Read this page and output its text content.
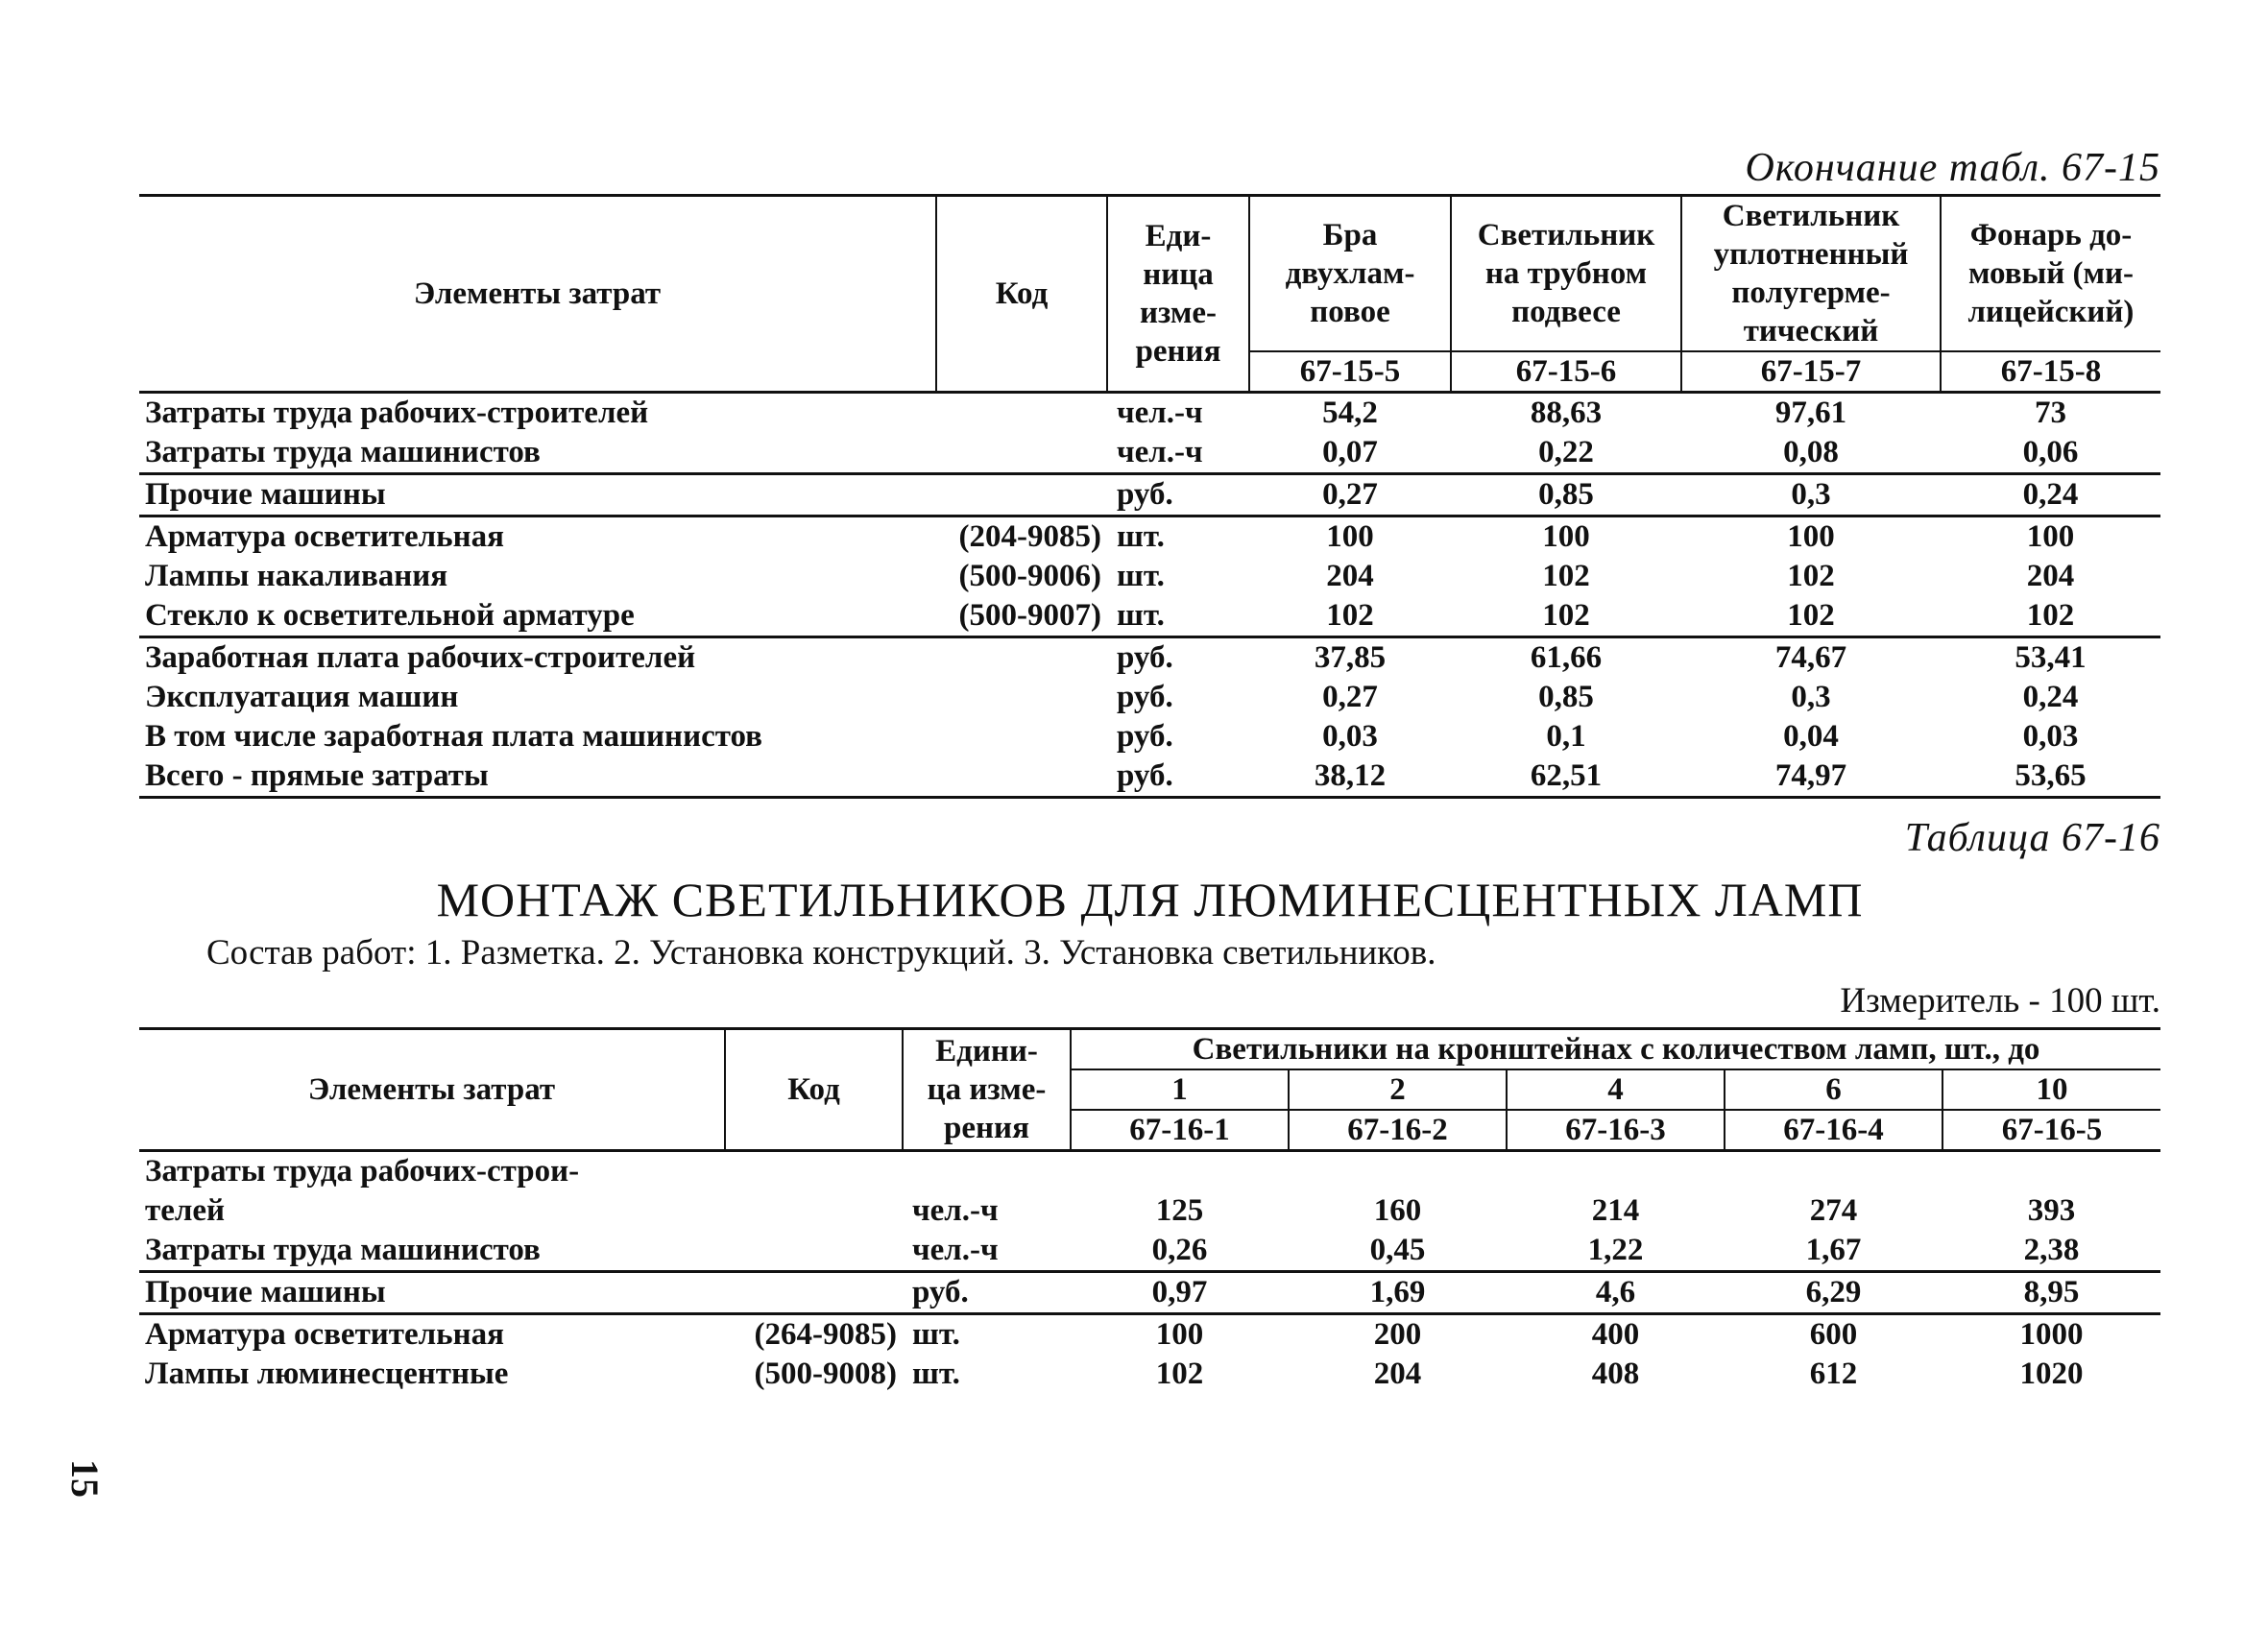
Окончание табл. 67-15
Элементы затрат	Код	Еди-
ница
изме-
рения	Бра
двухлам-
повое	Светильник
на трубном
подвесе	Светильник
уплотненный
полугерме-
тический	Фонарь до-
мовый (ми-
лицейский)
			67-15-5	67-15-6	67-15-7	67-15-8
Затраты труда рабочих-строителей		чел.-ч	54,2	88,63	97,61	73
Затраты труда машинистов		чел.-ч	0,07	0,22	0,08	0,06
Прочие машины		руб.	0,27	0,85	0,3	0,24
Арматура осветительная	(204-9085)	шт.	100	100	100	100
Лампы накаливания	(500-9006)	шт.	204	102	102	204
Стекло к осветительной арматуре	(500-9007)	шт.	102	102	102	102
Заработная плата рабочих-строителей		руб.	37,85	61,66	74,67	53,41
Эксплуатация машин		руб.	0,27	0,85	0,3	0,24
В том числе заработная плата машинистов		руб.	0,03	0,1	0,04	0,03
Всего - прямые затраты		руб.	38,12	62,51	74,97	53,65
Таблица 67-16
МОНТАЖ СВЕТИЛЬНИКОВ ДЛЯ ЛЮМИНЕСЦЕНТНЫХ ЛАМП
Состав работ: 1. Разметка. 2. Установка конструкций. 3. Установка светильников.
Измеритель - 100 шт.
Элементы затрат	Код	Едини-
ца изме-
рения	Светильники на кронштейнах с количеством ламп, шт., до				
			1	2	4	6	10
			67-16-1	67-16-2	67-16-3	67-16-4	67-16-5
Затраты труда рабочих-строи-							
телей		чел.-ч	125	160	214	274	393
Затраты труда машинистов		чел.-ч	0,26	0,45	1,22	1,67	2,38
Прочие машины		руб.	0,97	1,69	4,6	6,29	8,95
Арматура осветительная	(264-9085)	шт.	100	200	400	600	1000
Лампы люминесцентные	(500-9008)	шт.	102	204	408	612	1020
15
